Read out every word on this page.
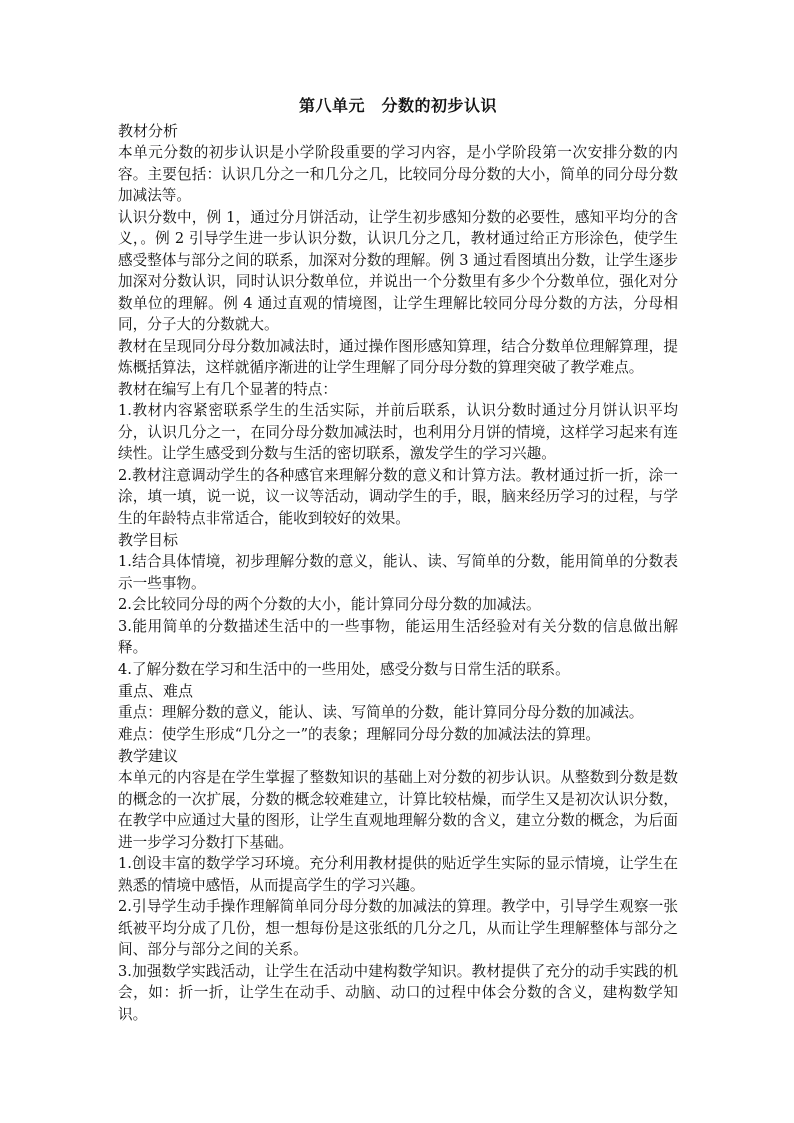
第八单元　分数的初步认识

教材分析

本单元分数的初步认识是小学阶段重要的学习内容，是小学阶段第一次安排分数的内容。主要包括：认识几分之一和几分之几，比较同分母分数的大小，简单的同分母分数加减法等。

认识分数中，例 1，通过分月饼活动，让学生初步感知分数的必要性，感知平均分的含义，。例 2 引导学生进一步认识分数，认识几分之几，教材通过给正方形涂色，使学生感受整体与部分之间的联系，加深对分数的理解。例 3 通过看图填出分数，让学生逐步加深对分数认识，同时认识分数单位，并说出一个分数里有多少个分数单位，强化对分数单位的理解。例 4 通过直观的情境图，让学生理解比较同分母分数的方法，分母相同，分子大的分数就大。

教材在呈现同分母分数加减法时，通过操作图形感知算理，结合分数单位理解算理，提炼概括算法，这样就循序渐进的让学生理解了同分母分数的算理突破了教学难点。

教材在编写上有几个显著的特点：

1.教材内容紧密联系学生的生活实际，并前后联系，认识分数时通过分月饼认识平均分，认识几分之一，在同分母分数加减法时，也利用分月饼的情境，这样学习起来有连续性。让学生感受到分数与生活的密切联系，激发学生的学习兴趣。

2.教材注意调动学生的各种感官来理解分数的意义和计算方法。教材通过折一折，涂一涂，填一填，说一说，议一议等活动，调动学生的手，眼，脑来经历学习的过程，与学生的年龄特点非常适合，能收到较好的效果。

教学目标

1.结合具体情境，初步理解分数的意义，能认、读、写简单的分数，能用简单的分数表示一些事物。

2.会比较同分母的两个分数的大小，能计算同分母分数的加减法。

3.能用简单的分数描述生活中的一些事物，能运用生活经验对有关分数的信息做出解释。

4.了解分数在学习和生活中的一些用处，感受分数与日常生活的联系。

重点、难点

重点：理解分数的意义，能认、读、写简单的分数，能计算同分母分数的加减法。

难点：使学生形成“几分之一”的表象；理解同分母分数的加减法法的算理。

教学建议

本单元的内容是在学生掌握了整数知识的基础上对分数的初步认识。从整数到分数是数的概念的一次扩展，分数的概念较难建立，计算比较枯燥，而学生又是初次认识分数，在教学中应通过大量的图形，让学生直观地理解分数的含义，建立分数的概念，为后面进一步学习分数打下基础。

1.创设丰富的数学学习环境。充分利用教材提供的贴近学生实际的显示情境，让学生在熟悉的情境中感悟，从而提高学生的学习兴趣。

2.引导学生动手操作理解简单同分母分数的加减法的算理。教学中，引导学生观察一张纸被平均分成了几份，想一想每份是这张纸的几分之几，从而让学生理解整体与部分之间、部分与部分之间的关系。

3.加强数学实践活动，让学生在活动中建构数学知识。教材提供了充分的动手实践的机会，如：折一折，让学生在动手、动脑、动口的过程中体会分数的含义，建构数学知识。
